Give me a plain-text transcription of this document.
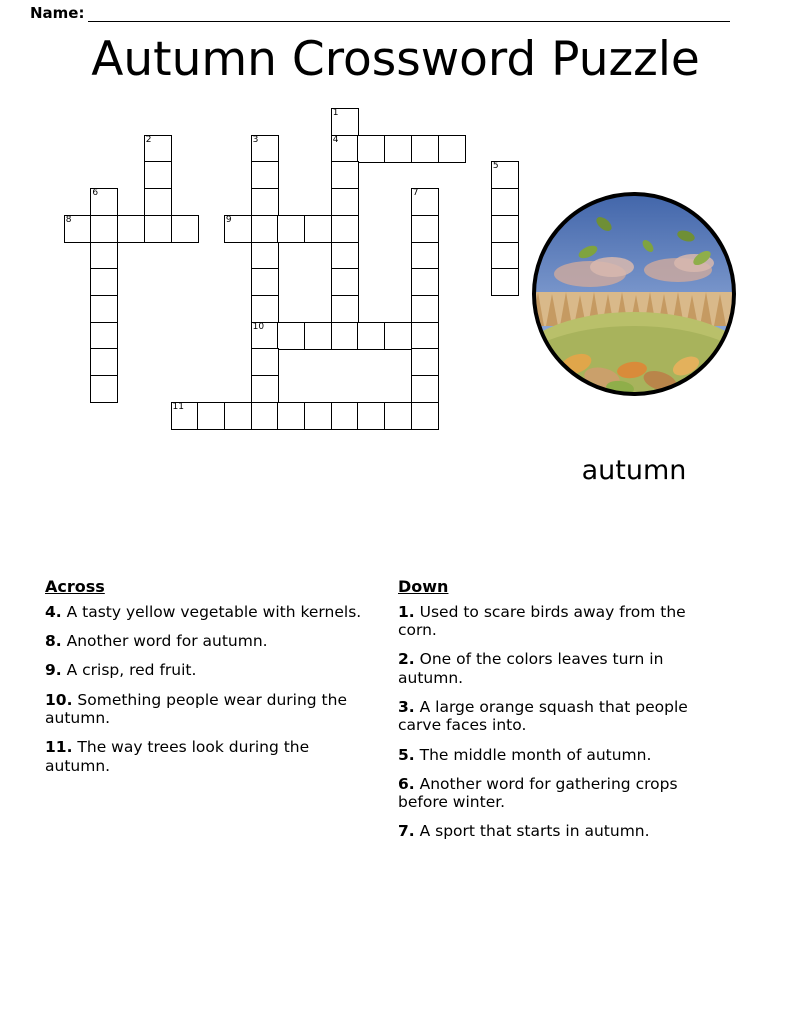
Name:
Autumn Crossword Puzzle
1
2	3	4
5
6	7
8	9
10
11
autumn
Across
4. A tasty yellow vegetable with kernels.
8. Another word for autumn.
9. A crisp, red fruit.
10. Something people wear during the autumn.
11. The way trees look during the autumn.
Down
1. Used to scare birds away from the corn.
2. One of the colors leaves turn in autumn.
3. A large orange squash that people carve faces into.
5. The middle month of autumn.
6. Another word for gathering crops before winter.
7. A sport that starts in autumn.
